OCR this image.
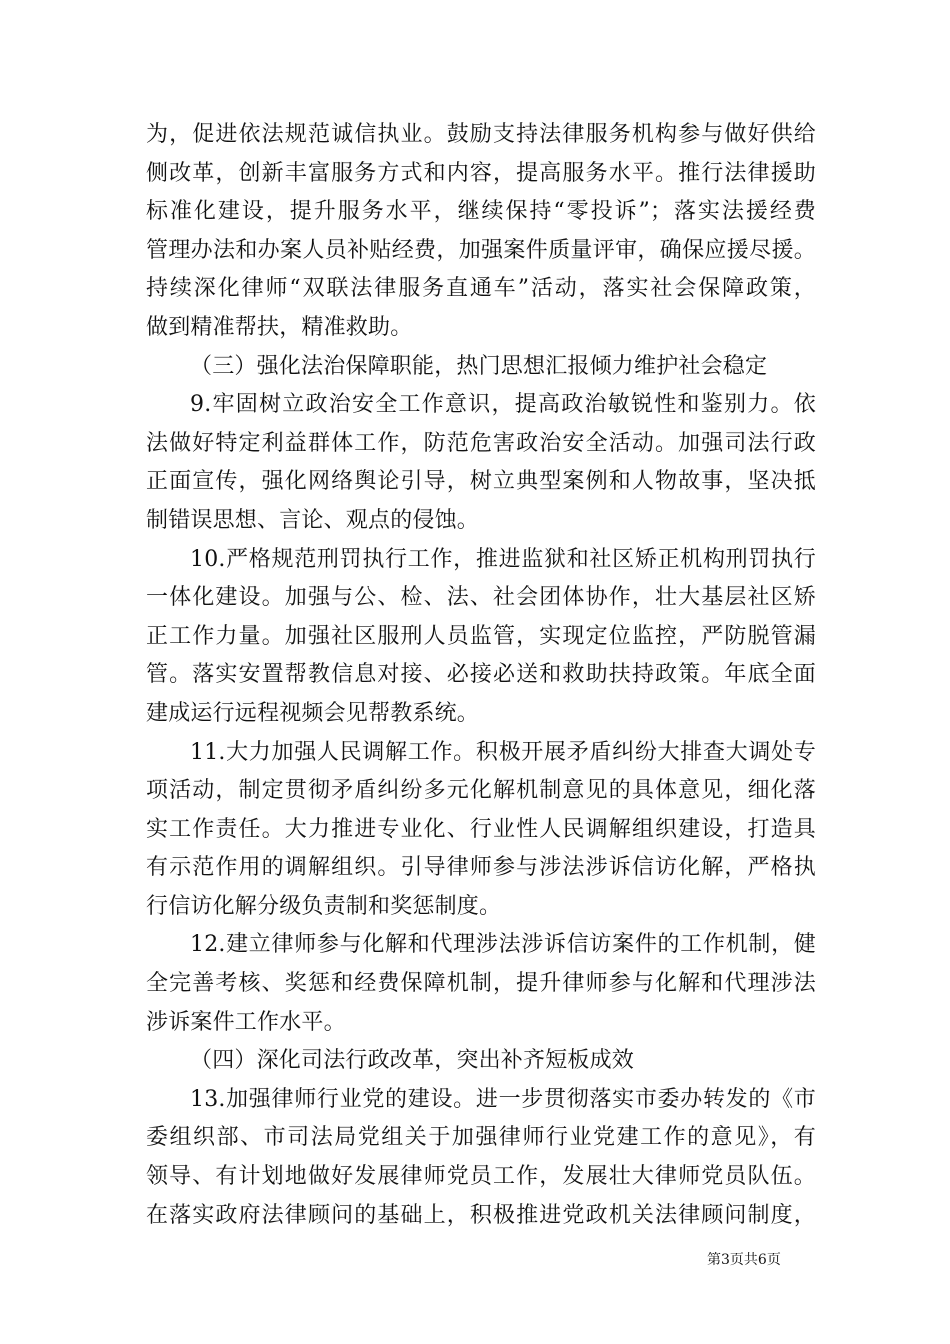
为，促进依法规范诚信执业。鼓励支持法律服务机构参与做好供给
侧改革，创新丰富服务方式和内容，提高服务水平。推行法律援助
标准化建设，提升服务水平，继续保持“零投诉”；落实法援经费
管理办法和办案人员补贴经费，加强案件质量评审，确保应援尽援。
持续深化律师“双联法律服务直通车”活动，落实社会保障政策，
做到精准帮扶，精准救助。
（三）强化法治保障职能，热门思想汇报倾力维护社会稳定
9.牢固树立政治安全工作意识，提高政治敏锐性和鉴别力。依
法做好特定利益群体工作，防范危害政治安全活动。加强司法行政
正面宣传，强化网络舆论引导，树立典型案例和人物故事，坚决抵
制错误思想、言论、观点的侵蚀。
10.严格规范刑罚执行工作，推进监狱和社区矫正机构刑罚执行
一体化建设。加强与公、检、法、社会团体协作，壮大基层社区矫
正工作力量。加强社区服刑人员监管，实现定位监控，严防脱管漏
管。落实安置帮教信息对接、必接必送和救助扶持政策。年底全面
建成运行远程视频会见帮教系统。
11.大力加强人民调解工作。积极开展矛盾纠纷大排查大调处专
项活动，制定贯彻矛盾纠纷多元化解机制意见的具体意见，细化落
实工作责任。大力推进专业化、行业性人民调解组织建设，打造具
有示范作用的调解组织。引导律师参与涉法涉诉信访化解，严格执
行信访化解分级负责制和奖惩制度。
12.建立律师参与化解和代理涉法涉诉信访案件的工作机制，健
全完善考核、奖惩和经费保障机制，提升律师参与化解和代理涉法
涉诉案件工作水平。
（四）深化司法行政改革，突出补齐短板成效
13.加强律师行业党的建设。进一步贯彻落实市委办转发的《市
委组织部、市司法局党组关于加强律师行业党建工作的意见》，有
领导、有计划地做好发展律师党员工作，发展壮大律师党员队伍。
在落实政府法律顾问的基础上，积极推进党政机关法律顾问制度，
第3页共6页
